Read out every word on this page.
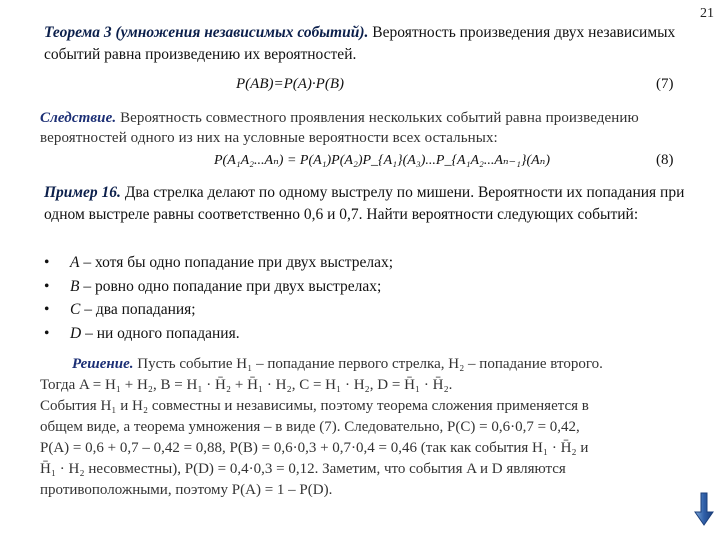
21
Теорема 3 (умножения независимых событий). Вероятность произведения двух независимых событий равна произведению их вероятностей.
P(AB)=P(A)·P(B)	(7)
Следствие. Вероятность совместного проявления нескольких событий равна произведению вероятностей одного из них на условные вероятности всех остальных:
P(A₁A₂...Aₙ) = P(A₁)P(A₂)P_{A₁}(A₃)...P_{A₁A₂...Aₙ₋₁}(Aₙ)	(8)
Пример 16. Два стрелка делают по одному выстрелу по мишени. Вероятности их попадания при одном выстреле равны соответственно 0,6 и 0,7. Найти вероятности следующих событий:
• A – хотя бы одно попадание при двух выстрелах;
• B – ровно одно попадание при двух выстрелах;
• C – два попадания;
• D – ни одного попадания.
Решение. Пусть событие H₁ – попадание первого стрелка, H₂ – попадание второго.
Тогда A = H₁ + H₂, B = H₁ · H̄₂ + H̄₁ · H₂, C = H₁ · H₂, D = H̄₁ · H̄₂.
События H₁ и H₂ совместны и независимы, поэтому теорема сложения применяется в
общем виде, а теорема умножения – в виде (7). Следовательно, P(C) = 0,6·0,7 = 0,42,
P(A) = 0,6 + 0,7 – 0,42 = 0,88, P(B) = 0,6·0,3 + 0,7·0,4 = 0,46 (так как события H₁ · H̄₂ и
H̄₁ · H₂ несовместны), P(D) = 0,4·0,3 = 0,12. Заметим, что события A и D являются
противоположными, поэтому P(A) = 1 – P(D).
